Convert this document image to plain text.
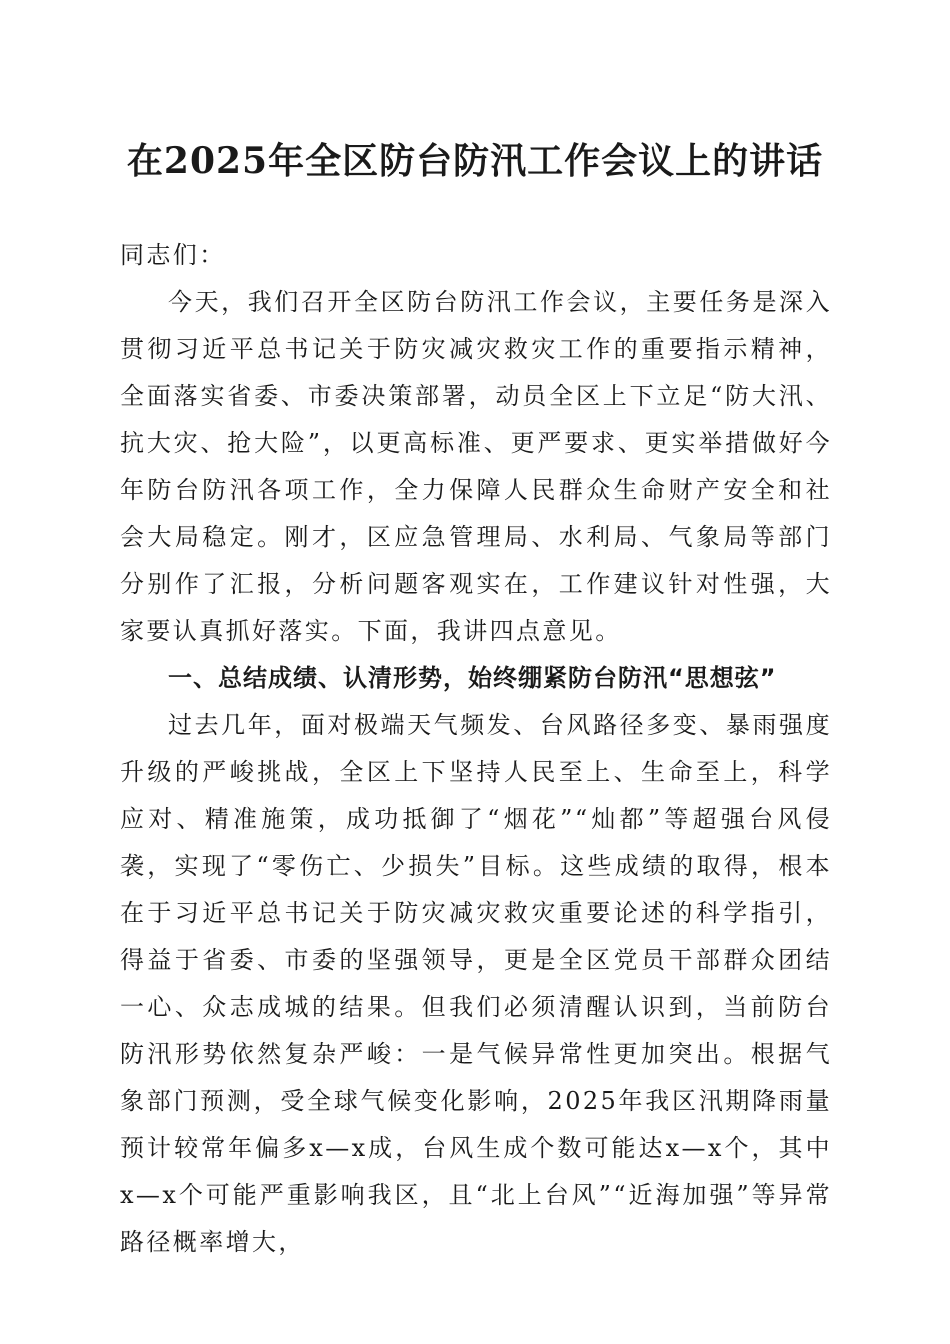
在2025年全区防台防汛工作会议上的讲话

同志们：

今天，我们召开全区防台防汛工作会议，主要任务是深入贯彻习近平总书记关于防灾减灾救灾工作的重要指示精神，全面落实省委、市委决策部署，动员全区上下立足“防大汛、抗大灾、抢大险”，以更高标准、更严要求、更实举措做好今年防台防汛各项工作，全力保障人民群众生命财产安全和社会大局稳定。刚才，区应急管理局、水利局、气象局等部门分别作了汇报，分析问题客观实在，工作建议针对性强，大家要认真抓好落实。下面，我讲四点意见。

一、总结成绩、认清形势，始终绷紧防台防汛“思想弦”

过去几年，面对极端天气频发、台风路径多变、暴雨强度升级的严峻挑战，全区上下坚持人民至上、生命至上，科学应对、精准施策，成功抵御了“烟花”“灿都”等超强台风侵袭，实现了“零伤亡、少损失”目标。这些成绩的取得，根本在于习近平总书记关于防灾减灾救灾重要论述的科学指引，得益于省委、市委的坚强领导，更是全区党员干部群众团结一心、众志成城的结果。但我们必须清醒认识到，当前防台防汛形势依然复杂严峻：一是气候异常性更加突出。根据气象部门预测，受全球气候变化影响，2025年我区汛期降雨量预计较常年偏多x—x成，台风生成个数可能达x—x个，其中x—x个可能严重影响我区，且“北上台风”“近海加强”等异常路径概率增大，
